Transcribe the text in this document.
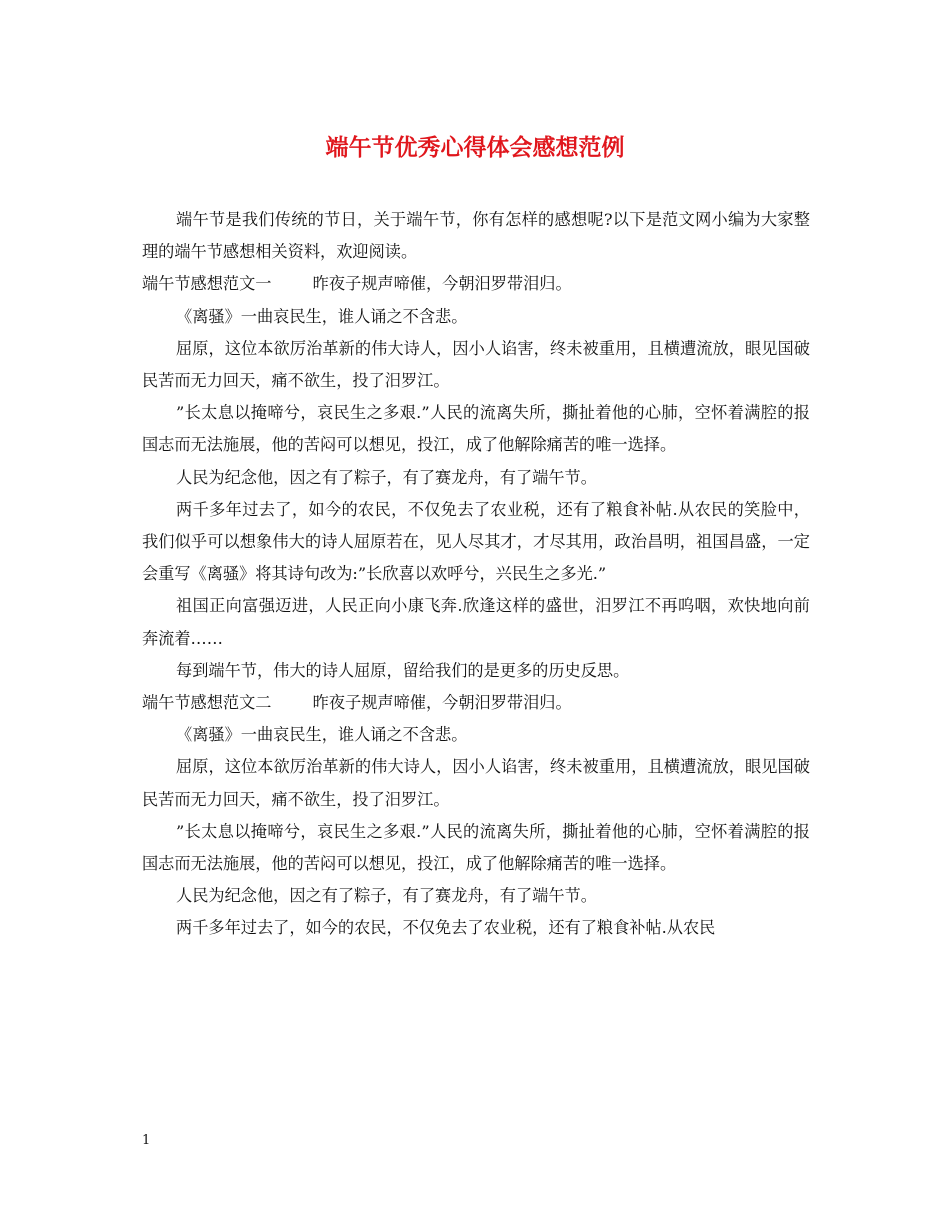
端午节优秀心得体会感想范例

端午节是我们传统的节日，关于端午节，你有怎样的感想呢?以下是范文网小编为大家整理的端午节感想相关资料，欢迎阅读。

端午节感想范文一	昨夜子规声啼催，今朝汨罗带泪归。

《离骚》一曲哀民生，谁人诵之不含悲。

屈原，这位本欲厉治革新的伟大诗人，因小人谄害，终未被重用，且横遭流放，眼见国破民苦而无力回天，痛不欲生，投了汨罗江。

”长太息以掩啼兮，哀民生之多艰.”人民的流离失所，撕扯着他的心肺，空怀着满腔的报国志而无法施展，他的苦闷可以想见，投江，成了他解除痛苦的唯一选择。

人民为纪念他，因之有了粽子，有了赛龙舟，有了端午节。

两千多年过去了，如今的农民，不仅免去了农业税，还有了粮食补帖.从农民的笑脸中，我们似乎可以想象伟大的诗人屈原若在，见人尽其才，才尽其用，政治昌明，祖国昌盛，一定会重写《离骚》将其诗句改为:”长欣喜以欢呼兮，兴民生之多光.”

祖国正向富强迈进，人民正向小康飞奔.欣逢这样的盛世，汨罗江不再呜咽，欢快地向前奔流着……

每到端午节，伟大的诗人屈原，留给我们的是更多的历史反思。

端午节感想范文二	昨夜子规声啼催，今朝汨罗带泪归。

《离骚》一曲哀民生，谁人诵之不含悲。

屈原，这位本欲厉治革新的伟大诗人，因小人谄害，终未被重用，且横遭流放，眼见国破民苦而无力回天，痛不欲生，投了汨罗江。

”长太息以掩啼兮，哀民生之多艰.”人民的流离失所，撕扯着他的心肺，空怀着满腔的报国志而无法施展，他的苦闷可以想见，投江，成了他解除痛苦的唯一选择。

人民为纪念他，因之有了粽子，有了赛龙舟，有了端午节。

两千多年过去了，如今的农民，不仅免去了农业税，还有了粮食补帖.从农民

1
